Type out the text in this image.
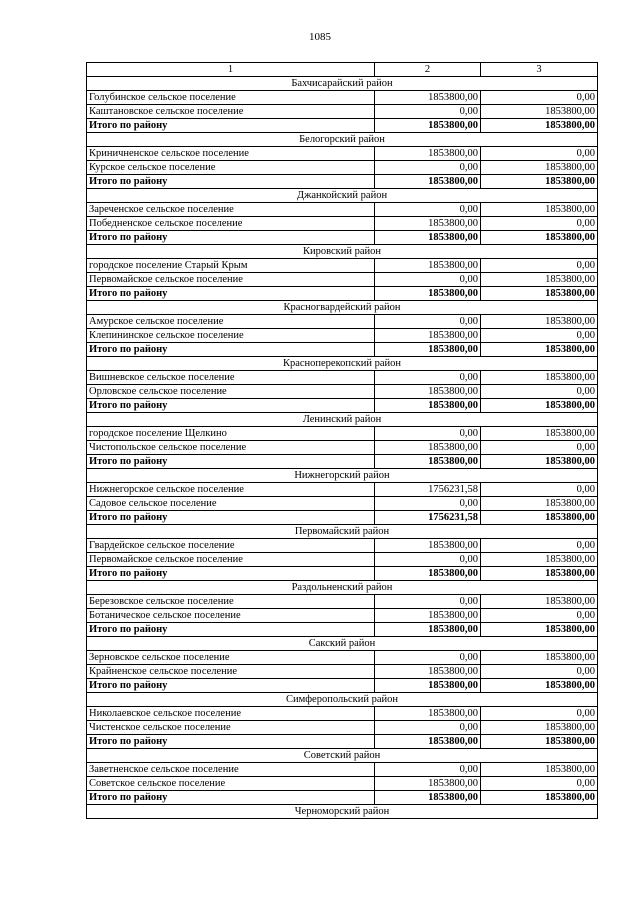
1085
1	2	3
Бахчисарайский район		
Голубинское сельское поселение	1853800,00	0,00
Каштановское сельское поселение	0,00	1853800,00
Итого по району	1853800,00	1853800,00
Белогорский район		
Криничненское сельское поселение	1853800,00	0,00
Курское сельское поселение	0,00	1853800,00
Итого по району	1853800,00	1853800,00
Джанкойский район		
Зареченское сельское поселение	0,00	1853800,00
Победненское сельское поселение	1853800,00	0,00
Итого по району	1853800,00	1853800,00
Кировский район		
городское поселение Старый Крым	1853800,00	0,00
Первомайское сельское поселение	0,00	1853800,00
Итого по району	1853800,00	1853800,00
Красногвардейский район		
Амурское сельское поселение	0,00	1853800,00
Клепининское сельское поселение	1853800,00	0,00
Итого по району	1853800,00	1853800,00
Красноперекопский район		
Вишневское сельское поселение	0,00	1853800,00
Орловское сельское поселение	1853800,00	0,00
Итого по району	1853800,00	1853800,00
Ленинский район		
городское поселение Щелкино	0,00	1853800,00
Чистопольское сельское поселение	1853800,00	0,00
Итого по району	1853800,00	1853800,00
Нижнегорский район		
Нижнегорское сельское поселение	1756231,58	0,00
Садовое сельское поселение	0,00	1853800,00
Итого по району	1756231,58	1853800,00
Первомайский район		
Гвардейское сельское поселение	1853800,00	0,00
Первомайское сельское поселение	0,00	1853800,00
Итого по району	1853800,00	1853800,00
Раздольненский район		
Березовское сельское поселение	0,00	1853800,00
Ботаническое сельское поселение	1853800,00	0,00
Итого по району	1853800,00	1853800,00
Сакский район		
Зерновское сельское поселение	0,00	1853800,00
Крайненское сельское поселение	1853800,00	0,00
Итого по району	1853800,00	1853800,00
Симферопольский район		
Николаевское сельское поселение	1853800,00	0,00
Чистенское сельское поселение	0,00	1853800,00
Итого по району	1853800,00	1853800,00
Советский район		
Заветненское сельское поселение	0,00	1853800,00
Советское сельское поселение	1853800,00	0,00
Итого по району	1853800,00	1853800,00
Черноморский район		
